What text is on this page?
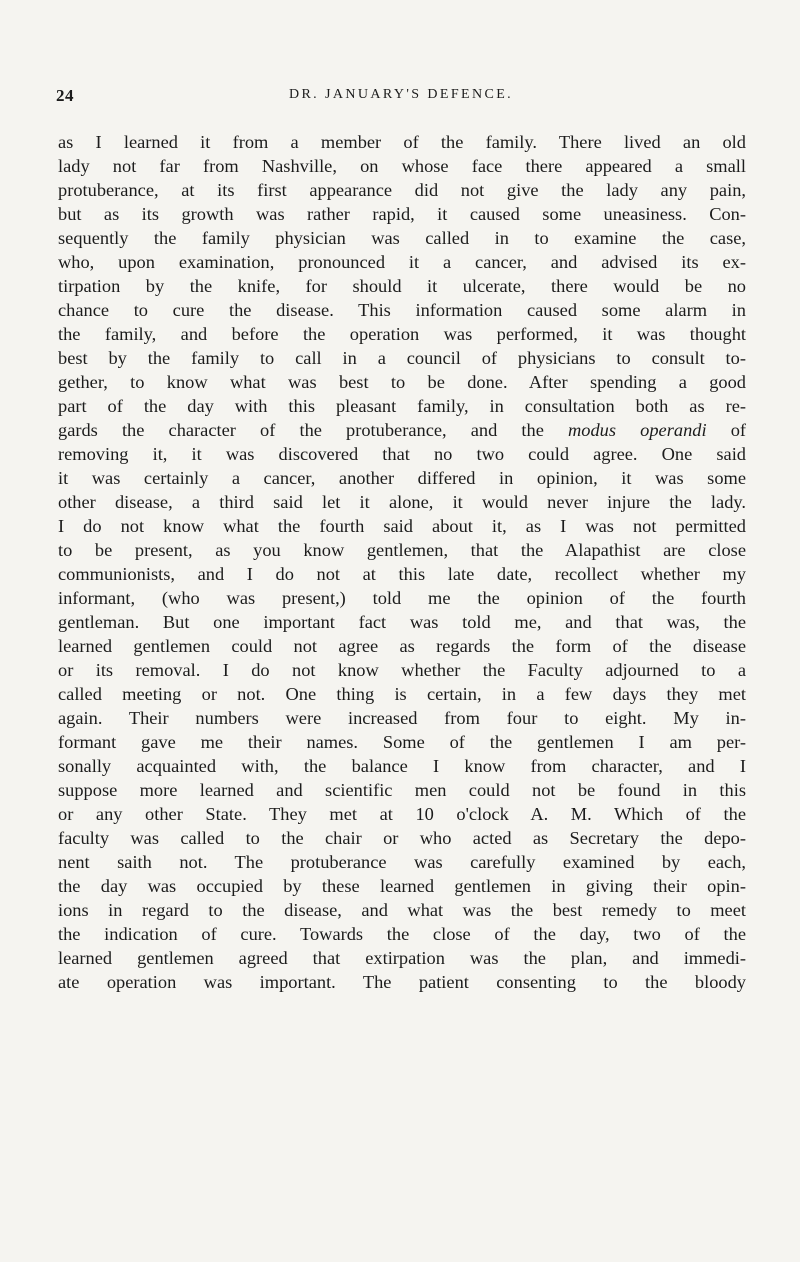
24	DR. JANUARY'S DEFENCE.
as I learned it from a member of the family. There lived an old
lady not far from Nashville, on whose face there appeared a small
protuberance, at its first appearance did not give the lady any pain,
but as its growth was rather rapid, it caused some uneasiness. Con-
sequently the family physician was called in to examine the case,
who, upon examination, pronounced it a cancer, and advised its ex-
tirpation by the knife, for should it ulcerate, there would be no
chance to cure the disease. This information caused some alarm in
the family, and before the operation was performed, it was thought
best by the family to call in a council of physicians to consult to-
gether, to know what was best to be done. After spending a good
part of the day with this pleasant family, in consultation both as re-
gards the character of the protuberance, and the modus operandi of
removing it, it was discovered that no two could agree. One said
it was certainly a cancer, another differed in opinion, it was some
other disease, a third said let it alone, it would never injure the lady.
I do not know what the fourth said about it, as I was not permitted
to be present, as you know gentlemen, that the Alapathist are close
communionists, and I do not at this late date, recollect whether my
informant, (who was present,) told me the opinion of the fourth
gentleman. But one important fact was told me, and that was, the
learned gentlemen could not agree as regards the form of the disease
or its removal. I do not know whether the Faculty adjourned to a
called meeting or not. One thing is certain, in a few days they met
again. Their numbers were increased from four to eight. My in-
formant gave me their names. Some of the gentlemen I am per-
sonally acquainted with, the balance I know from character, and I
suppose more learned and scientific men could not be found in this
or any other State. They met at 10 o'clock A. M. Which of the
faculty was called to the chair or who acted as Secretary the depo-
nent saith not. The protuberance was carefully examined by each,
the day was occupied by these learned gentlemen in giving their opin-
ions in regard to the disease, and what was the best remedy to meet
the indication of cure. Towards the close of the day, two of the
learned gentlemen agreed that extirpation was the plan, and immedi-
ate operation was important. The patient consenting to the bloody
